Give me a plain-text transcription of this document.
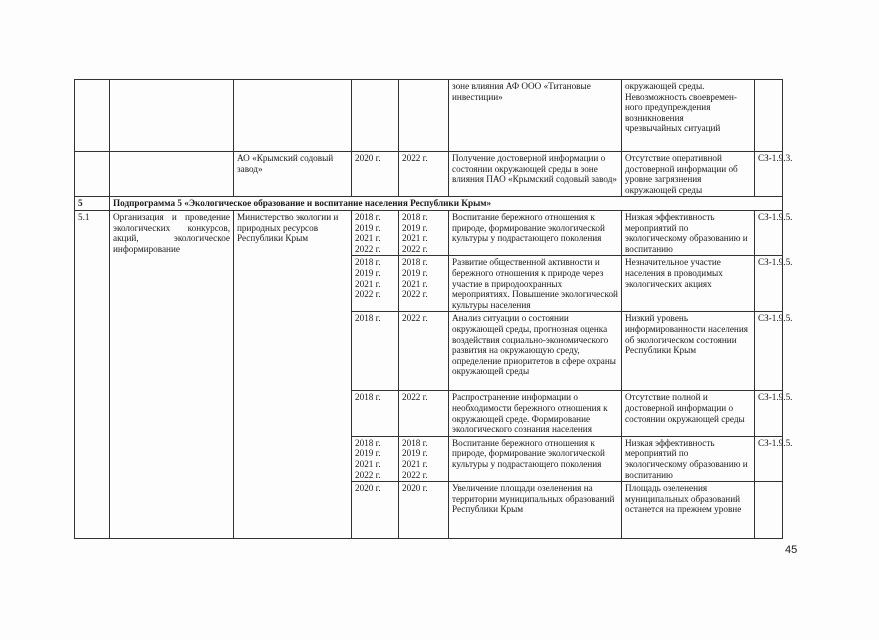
					зоне влияния АФ ООО «Титановые инвестиции»	окружающей среды.
Невозможность своевремен-
ного предупреждения
возникновения
чрезвычайных ситуаций	
		АО «Крымский содовый завод»	2020 г.	2022 г.	Получение достоверной информации о состоянии окружающей среды в зоне влияния ПАО «Крымский содовый завод»	Отсутствие оперативной достоверной информации об уровне загрязнения окружающей среды	СЗ-1.9.3.
5	Подпрограмма 5 «Экологическое образование и воспитание населения Республики Крым»						
5.1	Организация и проведение экологических конкурсов, акций, экологическое информирование	Министерство экологии и природных ресурсов Республики Крым	2018 г.
2019 г.
2021 г.
2022 г.	2018 г.
2019 г.
2021 г.
2022 г.	Воспитание бережного отношения к природе, формирование экологической культуры у подрастающего поколения	Низкая эффективность мероприятий по экологическому образованию и воспитанию	СЗ-1.9.5.
			2018 г.
2019 г.
2021 г.
2022 г.	2018 г.
2019 г.
2021 г.
2022 г.	Развитие общественной активности и бережного отношения к природе через участие в природоохранных мероприятиях. Повышение экологической культуры населения	Незначительное участие населения в проводимых экологических акциях	СЗ-1.9.5.
			2018 г.	2022 г.	Анализ ситуации о состоянии окружающей среды, прогнозная оценка воздействия социально-экономического развития на окружающую среду, определение приоритетов в сфере охраны окружающей среды	Низкий уровень информированности населения об экологическом состоянии Республики Крым	СЗ-1.9.5.
			2018 г.	2022 г.	Распространение информации о необходимости бережного отношения к окружающей среде. Формирование экологического сознания населения	Отсутствие полной и достоверной информации о состоянии окружающей среды	СЗ-1.9.5.
			2018 г.
2019 г.
2021 г.
2022 г.	2018 г.
2019 г.
2021 г.
2022 г.	Воспитание бережного отношения к природе, формирование экологической культуры у подрастающего поколения	Низкая эффективность мероприятий по экологическому образованию и воспитанию	СЗ-1.9.5.
			2020 г.	2020 г.	Увеличение площади озеленения на территории муниципальных образований Республики Крым	Площадь озеленения муниципальных образований останется на прежнем уровне	
45
